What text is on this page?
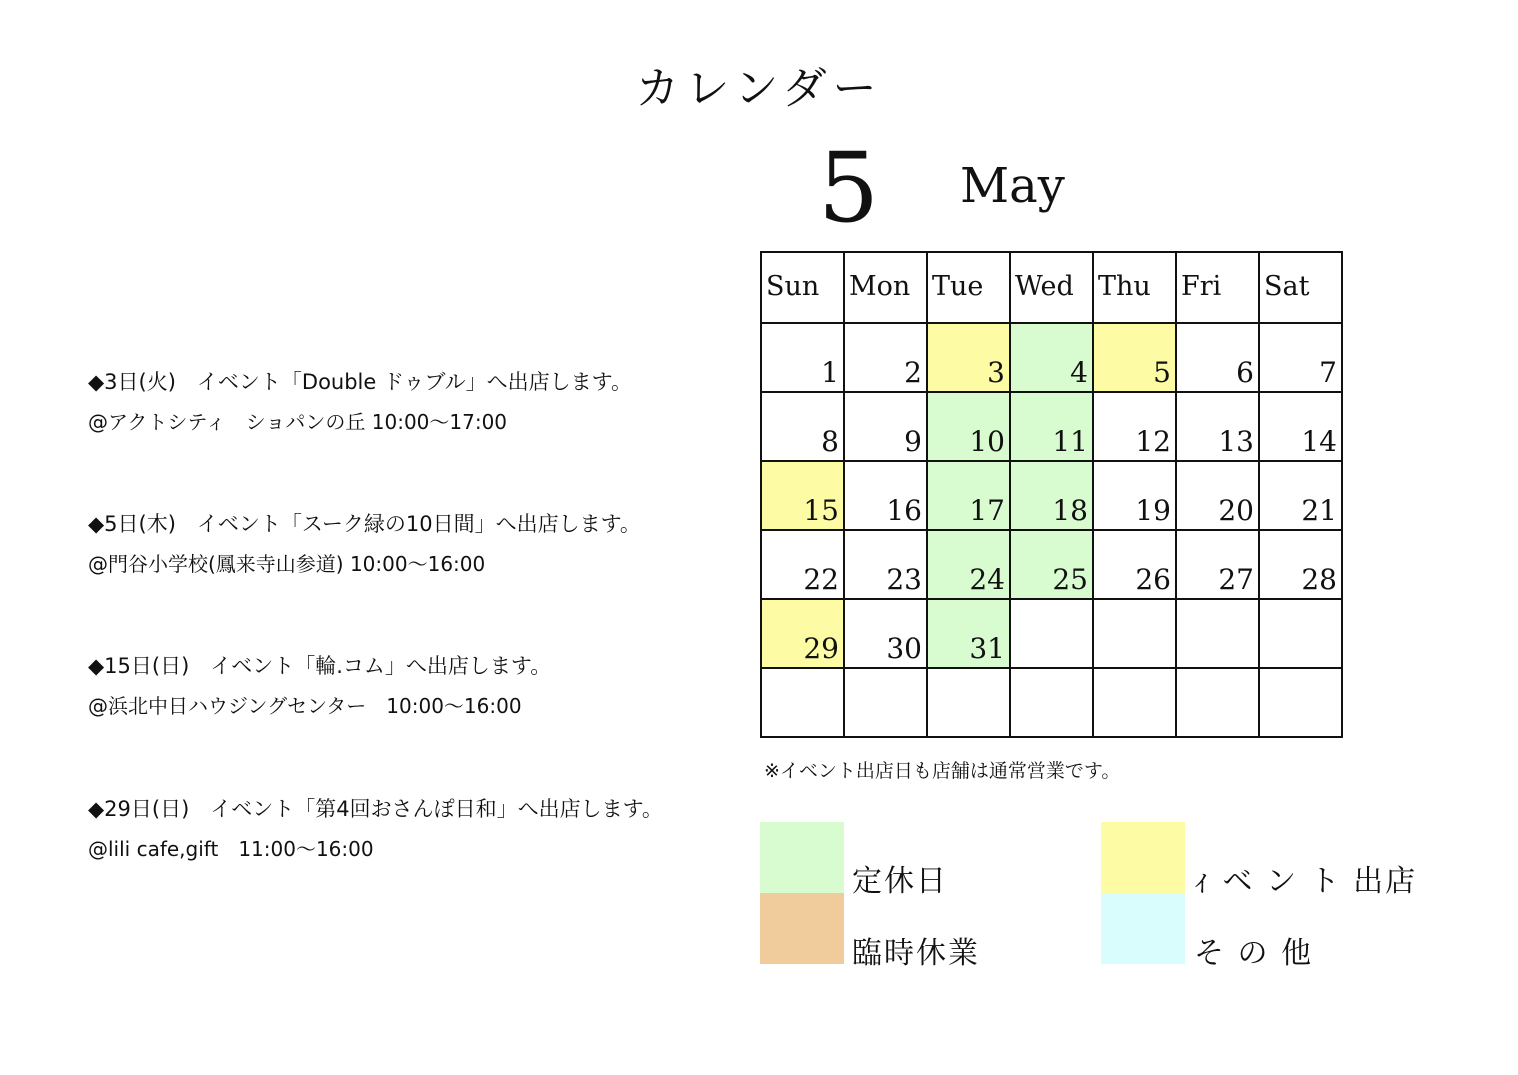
カレンダー
5 May
◆3日(火)　イベント「Double ドゥブル」へ出店します。
@アクトシティ　ショパンの丘 10:00〜17:00
◆5日(木)　イベント「スーク緑の10日間」へ出店します。
@門谷小学校(鳳来寺山参道) 10:00〜16:00
◆15日(日)　イベント「輪.コム」へ出店します。
@浜北中日ハウジングセンター　10:00〜16:00
◆29日(日)　イベント「第4回おさんぽ日和」へ出店します。
@lili cafe,gift　11:00〜16:00
Sun	Mon	Tue	Wed	Thu	Fri	Sat

1	2	3	4	5	6	7

8	9	10	11	12	13	14

15	16	17	18	19	20	21

22	23	24	25	26	27	28

29	30	31				

※イベント出店日も店舗は通常営業です。
定休日
臨時休業
ｨ ベ ン ト 出店
そ の 他
